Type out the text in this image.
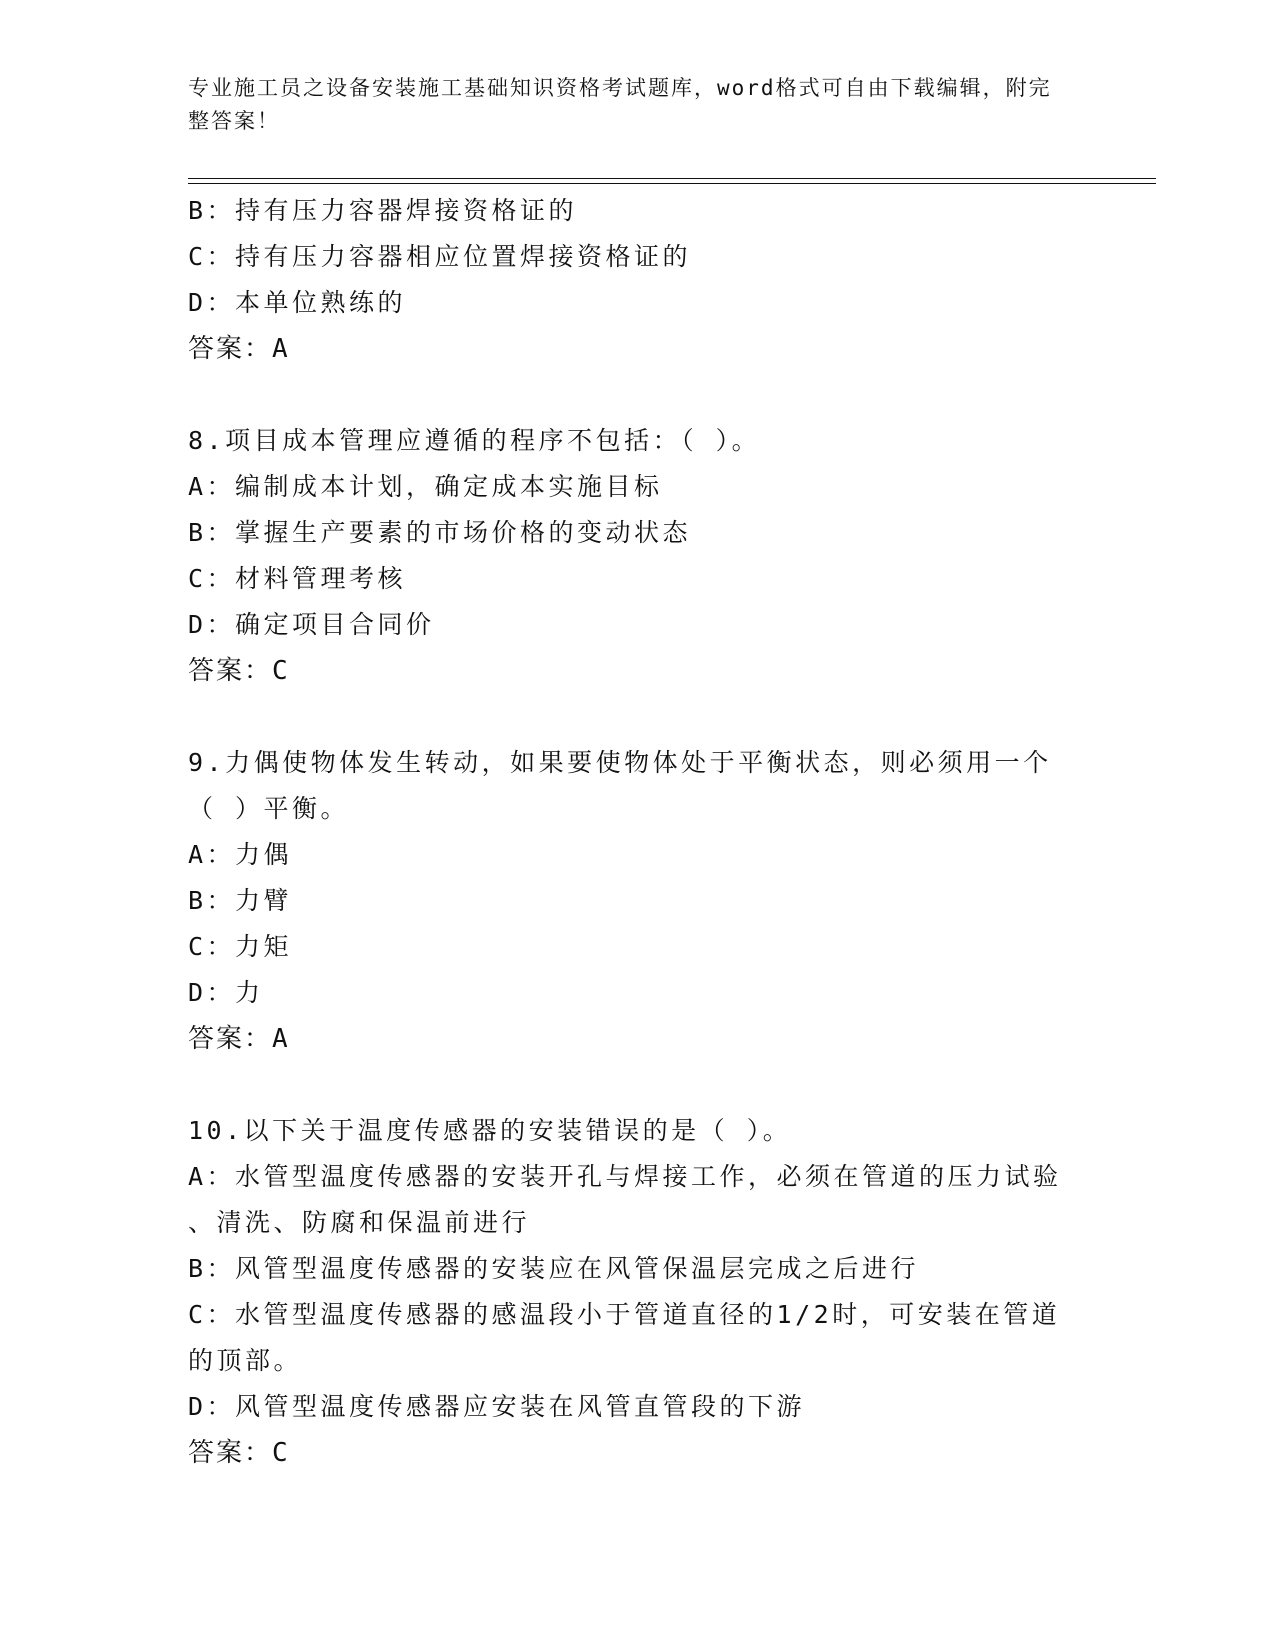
专业施工员之设备安装施工基础知识资格考试题库，word格式可自由下载编辑，附完整答案！
B：持有压力容器焊接资格证的
C：持有压力容器相应位置焊接资格证的
D：本单位熟练的
答案：A
8.项目成本管理应遵循的程序不包括：（ ）。
A：编制成本计划，确定成本实施目标
B：掌握生产要素的市场价格的变动状态
C：材料管理考核
D：确定项目合同价
答案：C
9.力偶使物体发生转动，如果要使物体处于平衡状态，则必须用一个
（ ）平衡。
A：力偶
B：力臂
C：力矩
D：力
答案：A
10.以下关于温度传感器的安装错误的是（ ）。
A：水管型温度传感器的安装开孔与焊接工作，必须在管道的压力试验
、清洗、防腐和保温前进行
B：风管型温度传感器的安装应在风管保温层完成之后进行
C：水管型温度传感器的感温段小于管道直径的1/2时，可安装在管道
的顶部。
D：风管型温度传感器应安装在风管直管段的下游
答案：C
